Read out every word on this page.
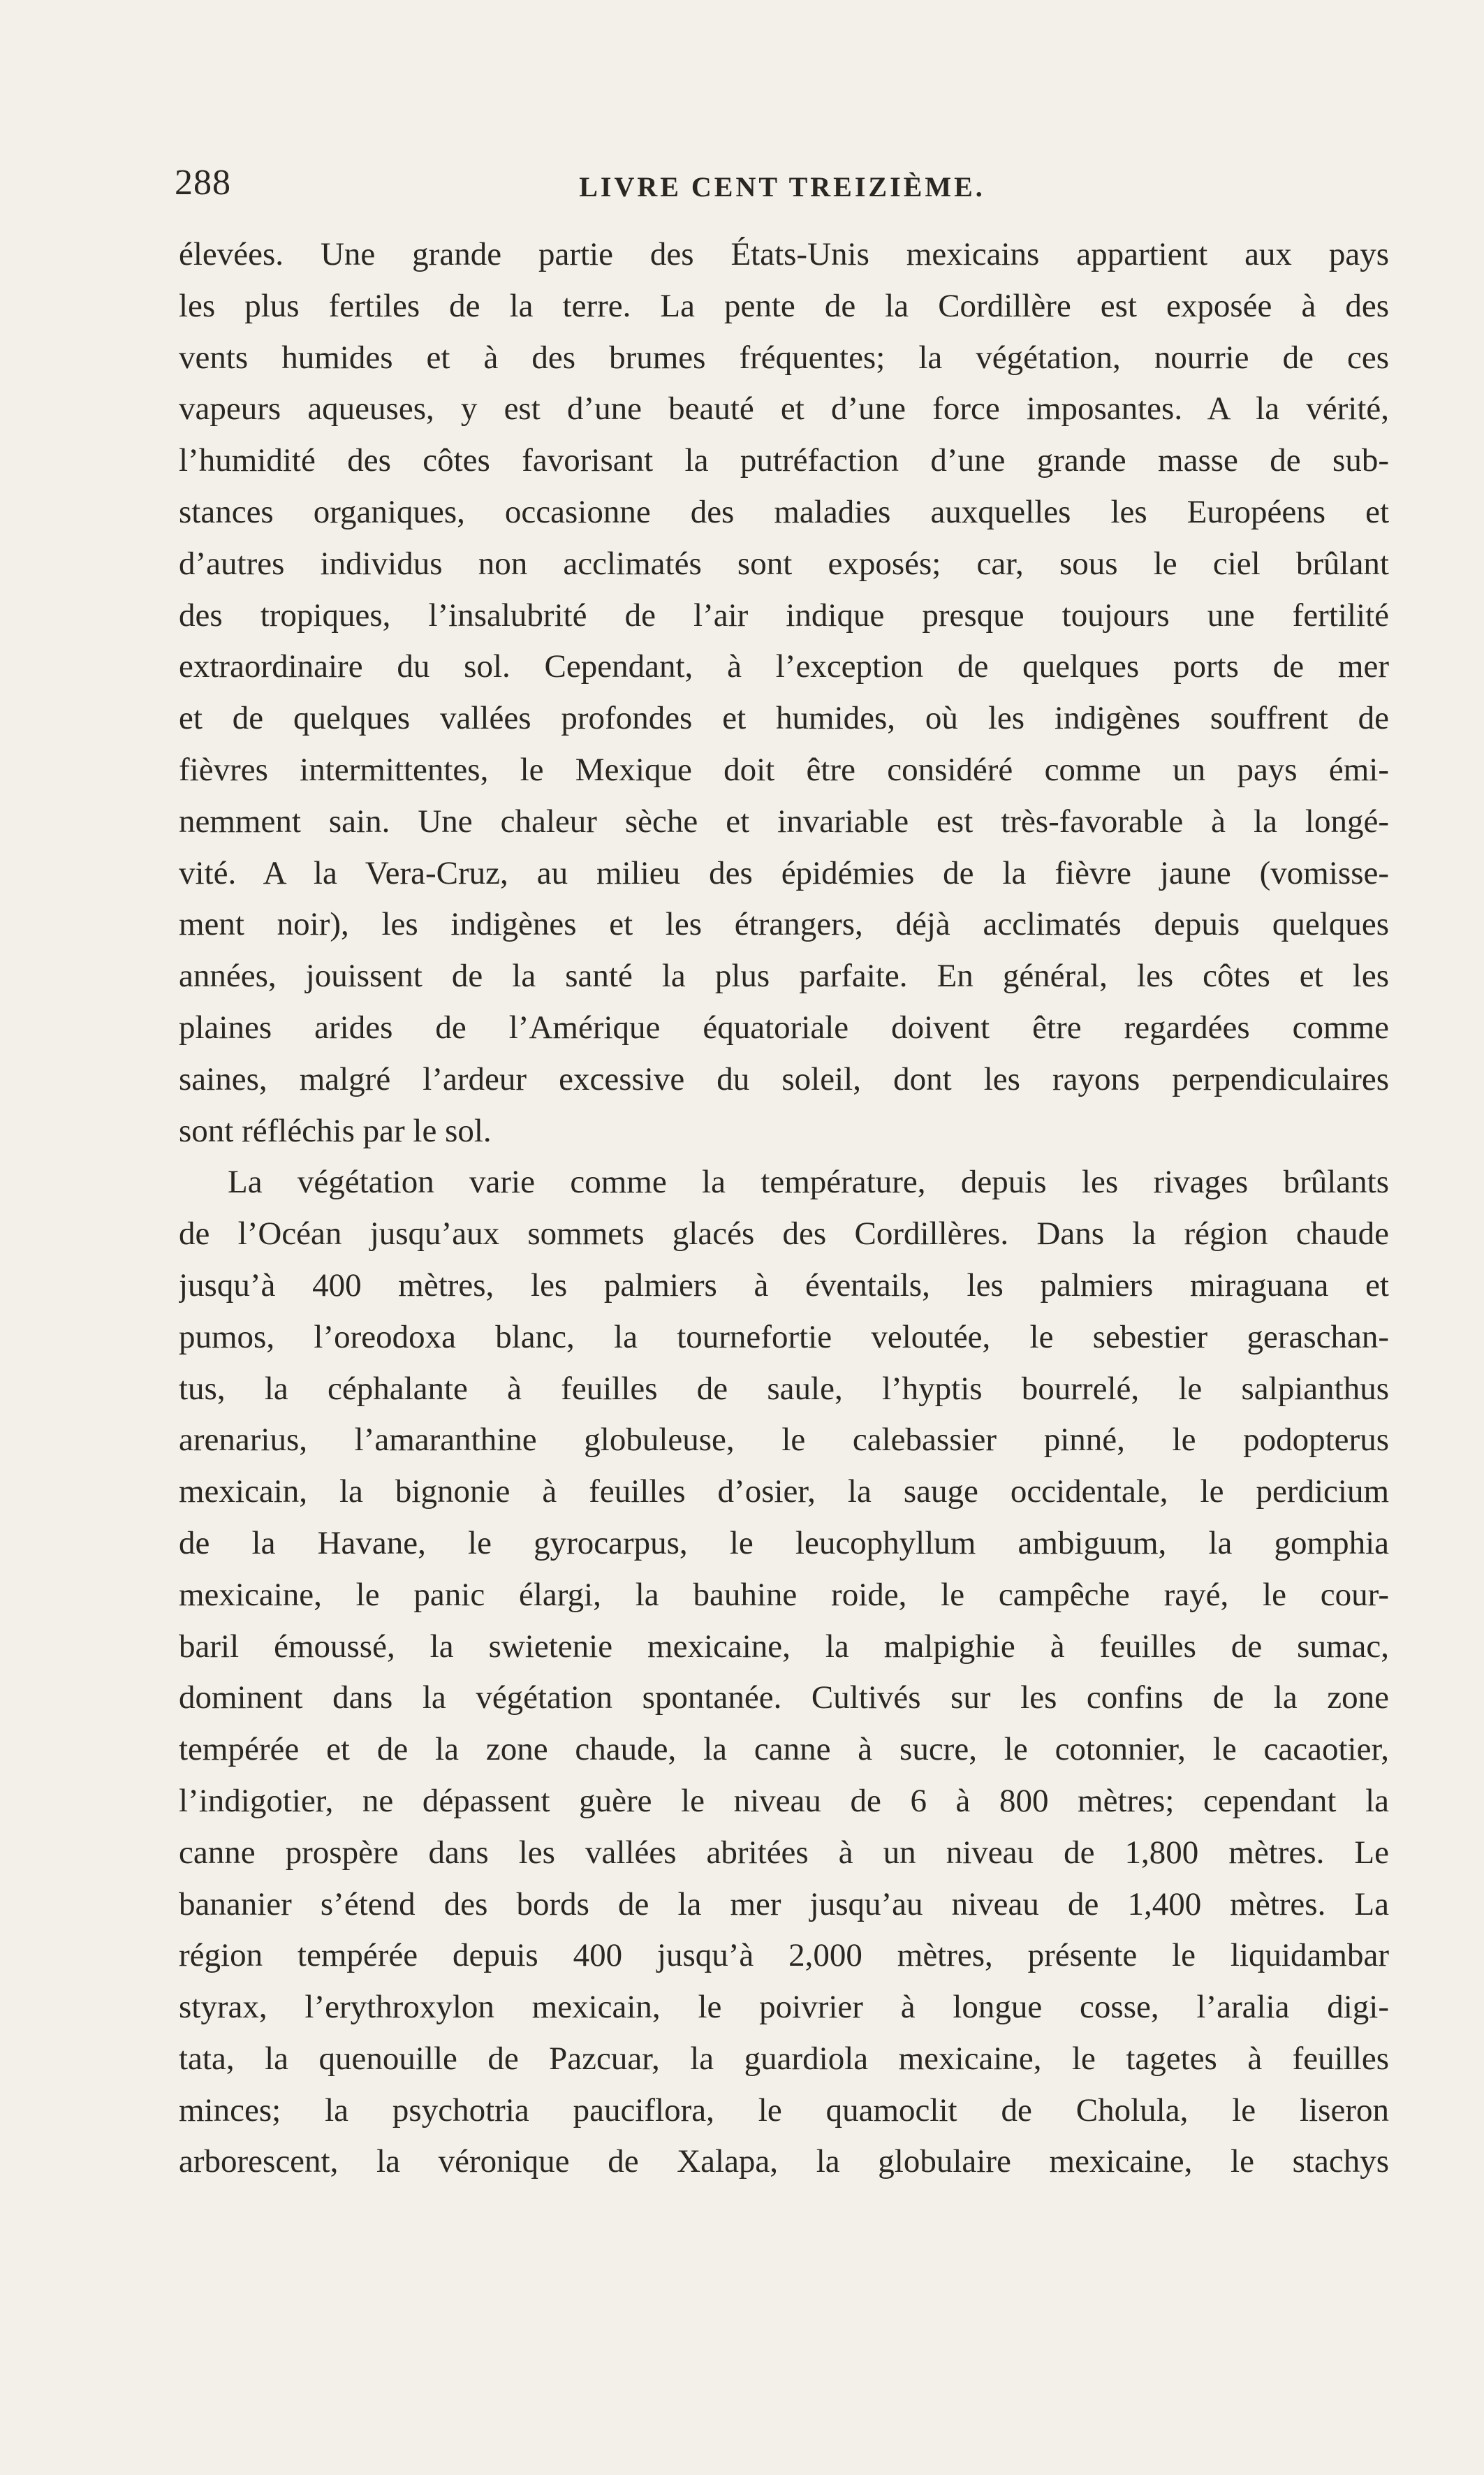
288	LIVRE CENT TREIZIÈME.
élevées. Une grande partie des États-Unis mexicains appartient aux pays
les plus fertiles de la terre. La pente de la Cordillère est exposée à des
vents humides et à des brumes fréquentes; la végétation, nourrie de ces
vapeurs aqueuses, y est d’une beauté et d’une force imposantes. A la vérité,
l’humidité des côtes favorisant la putréfaction d’une grande masse de sub-
stances organiques, occasionne des maladies auxquelles les Européens et
d’autres individus non acclimatés sont exposés; car, sous le ciel brûlant
des tropiques, l’insalubrité de l’air indique presque toujours une fertilité
extraordinaire du sol. Cependant, à l’exception de quelques ports de mer
et de quelques vallées profondes et humides, où les indigènes souffrent de
fièvres intermittentes, le Mexique doit être considéré comme un pays émi-
nemment sain. Une chaleur sèche et invariable est très-favorable à la longé-
vité. A la Vera-Cruz, au milieu des épidémies de la fièvre jaune (vomisse-
ment noir), les indigènes et les étrangers, déjà acclimatés depuis quelques
années, jouissent de la santé la plus parfaite. En général, les côtes et les
plaines arides de l’Amérique équatoriale doivent être regardées comme
saines, malgré l’ardeur excessive du soleil, dont les rayons perpendiculaires
sont réfléchis par le sol.
La végétation varie comme la température, depuis les rivages brûlants
de l’Océan jusqu’aux sommets glacés des Cordillères. Dans la région chaude
jusqu’à 400 mètres, les palmiers à éventails, les palmiers miraguana et
pumos, l’oreodoxa blanc, la tournefortie veloutée, le sebestier geraschan-
tus, la céphalante à feuilles de saule, l’hyptis bourrelé, le salpianthus
arenarius, l’amaranthine globuleuse, le calebassier pinné, le podopterus
mexicain, la bignonie à feuilles d’osier, la sauge occidentale, le perdicium
de la Havane, le gyrocarpus, le leucophyllum ambiguum, la gomphia
mexicaine, le panic élargi, la bauhine roide, le campêche rayé, le cour-
baril émoussé, la swietenie mexicaine, la malpighie à feuilles de sumac,
dominent dans la végétation spontanée. Cultivés sur les confins de la zone
tempérée et de la zone chaude, la canne à sucre, le cotonnier, le cacaotier,
l’indigotier, ne dépassent guère le niveau de 6 à 800 mètres; cependant la
canne prospère dans les vallées abritées à un niveau de 1,800 mètres. Le
bananier s’étend des bords de la mer jusqu’au niveau de 1,400 mètres. La
région tempérée depuis 400 jusqu’à 2,000 mètres, présente le liquidambar
styrax, l’erythroxylon mexicain, le poivrier à longue cosse, l’aralia digi-
tata, la quenouille de Pazcuar, la guardiola mexicaine, le tagetes à feuilles
minces; la psychotria pauciflora, le quamoclit de Cholula, le liseron
arborescent, la véronique de Xalapa, la globulaire mexicaine, le stachys
